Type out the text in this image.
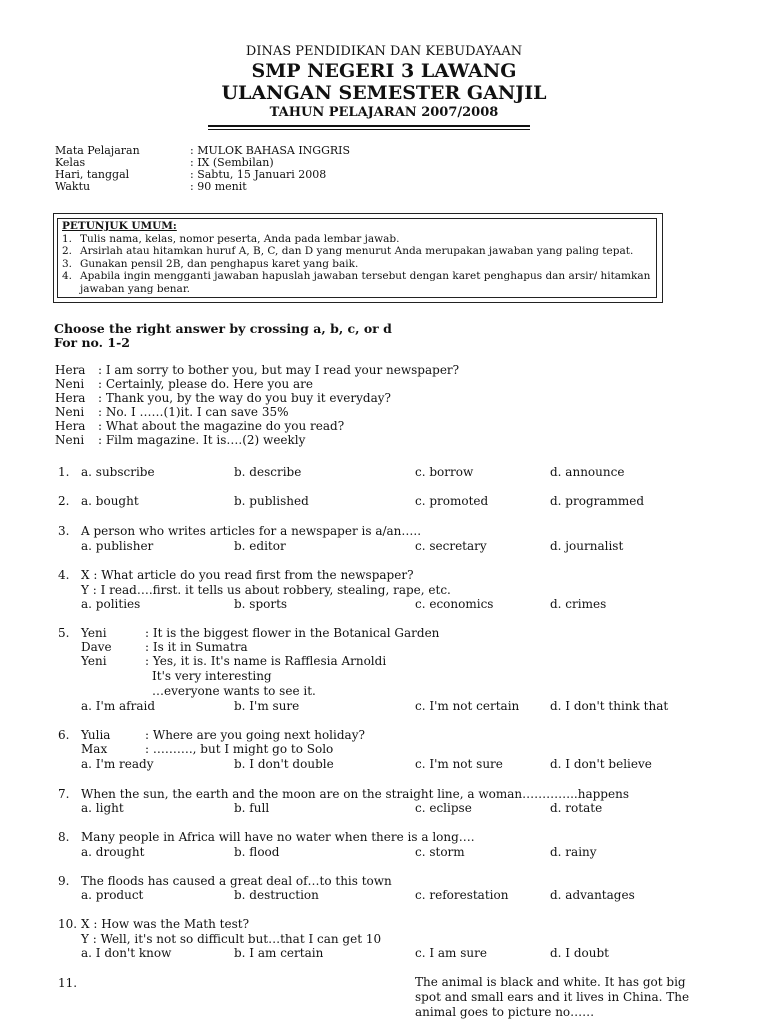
DINAS PENDIDIKAN DAN KEBUDAYAAN
SMP NEGERI 3 LAWANG
ULANGAN SEMESTER GANJIL
TAHUN PELAJARAN 2007/2008
Mata Pelajaran	: MULOK BAHASA INGGRIS
Kelas	: IX (Sembilan)
Hari, tanggal	: Sabtu, 15 Januari 2008
Waktu	: 90 menit
PETUNJUK UMUM:
1. Tulis nama, kelas, nomor peserta, Anda pada lembar jawab.
2. Arsirlah atau hitamkan huruf A, B, C, dan D yang menurut Anda merupakan jawaban yang paling tepat.
3. Gunakan pensil 2B, dan penghapus karet yang baik.
4. Apabila ingin mengganti jawaban hapuslah jawaban tersebut dengan karet penghapus dan arsir/ hitamkan jawaban yang benar.
Choose the right answer by crossing a, b, c, or d
For no. 1-2
Hera : I am sorry to bother you, but may I read your newspaper?
Neni : Certainly, please do. Here you are
Hera : Thank you, by the way do you buy it everyday?
Neni : No. I ……(1)it. I can save 35%
Hera : What about the magazine do you read?
Neni : Film magazine. It is….(2) weekly
1. a. subscribe	b. describe	c. borrow	d. announce
2. a. bought	b. published	c. promoted	d. programmed
3. A person who writes articles for a newspaper is a/an…..
a. publisher	b. editor	c. secretary	d. journalist
4. X : What article do you read first from the newspaper?
Y : I read….first. it tells us about robbery, stealing, rape, etc.
a. polities	b. sports	c. economics	d. crimes
5. Yeni	: It is the biggest flower in the Botanical Garden
Dave	: Is it in Sumatra
Yeni	: Yes, it is. It's name is Rafflesia Arnoldi
It's very interesting
…everyone wants to see it.
a. I'm afraid	b. I'm sure	c. I'm not certain	d. I don't think that
6. Yulia	: Where are you going next holiday?
Max	: ………., but I might go to Solo
a. I'm ready	b. I don't double	c. I'm not sure	d. I don't believe
7. When the sun, the earth and the moon are on the straight line, a woman…………..happens
a. light	b. full	c. eclipse	d. rotate
8. Many people in Africa will have no water when there is a long….
a. drought	b. flood	c. storm	d. rainy
9. The floods has caused a great deal of…to this town
a. product	b. destruction	c. reforestation	d. advantages
10. X : How was the Math test?
Y : Well, it's not so difficult but…that I can get 10
a. I don't know	b. I am certain	c. I am sure	d. I doubt
11.	The animal is black and white. It has got big spot and small ears and it lives in China. The animal goes to picture no……
